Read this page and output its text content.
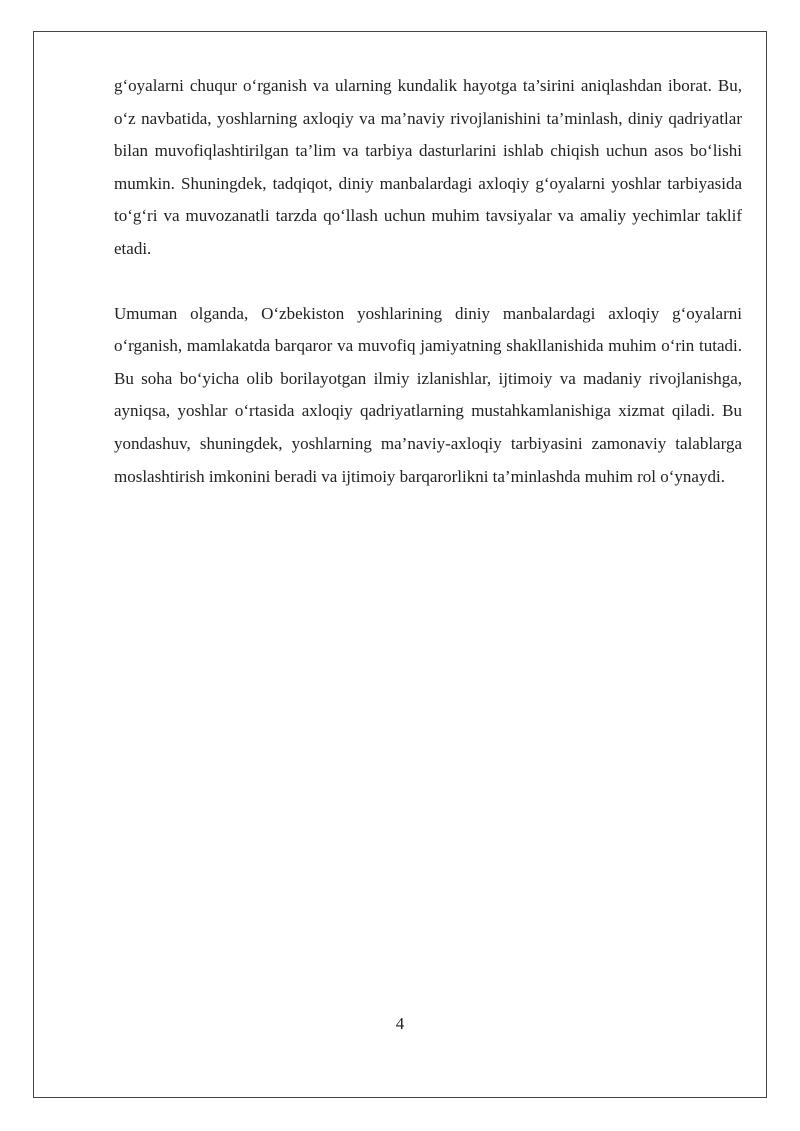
g‘oyalarni chuqur o‘rganish va ularning kundalik hayotga ta’sirini aniqlashdan iborat. Bu, o‘z navbatida, yoshlarning axloqiy va ma’naviy rivojlanishini ta’minlash, diniy qadriyatlar bilan muvofiqlashtirilgan ta’lim va tarbiya dasturlarini ishlab chiqish uchun asos bo‘lishi mumkin. Shuningdek, tadqiqot, diniy manbalardagi axloqiy g‘oyalarni yoshlar tarbiyasida to‘g‘ri va muvozanatli tarzda qo‘llash uchun muhim tavsiyalar va amaliy yechimlar taklif etadi.

Umuman olganda, O‘zbekiston yoshlarining diniy manbalardagi axloqiy g‘oyalarni o‘rganish, mamlakatda barqaror va muvofiq jamiyatning shakllanishida muhim o‘rin tutadi. Bu soha bo‘yicha olib borilayotgan ilmiy izlanishlar, ijtimoiy va madaniy rivojlanishga, ayniqsa, yoshlar o‘rtasida axloqiy qadriyatlarning mustahkamlanishiga xizmat qiladi. Bu yondashuv, shuningdek, yoshlarning ma’naviy-axloqiy tarbiyasini zamonaviy talablarga moslashtirish imkonini beradi va ijtimoiy barqarorlikni ta’minlashda muhim rol o‘ynaydi.

4
